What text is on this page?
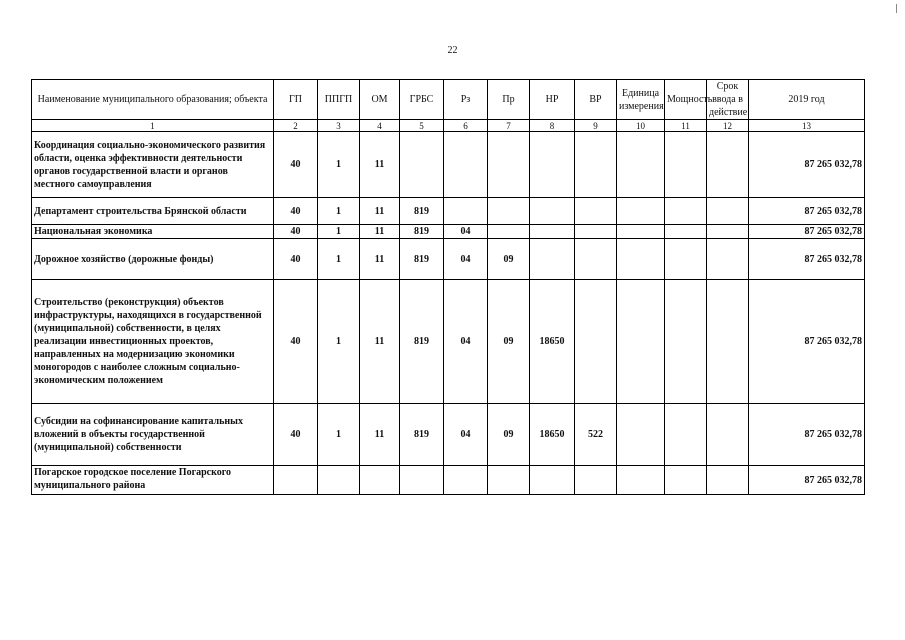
22
Наименование муниципального образования; объекта	ГП	ППГП	ОМ	ГРБС	Рз	Пр	НР	ВР	Единица измерения	Мощность	Срок ввода в действие	2019 год
1	2	3	4	5	6	7	8	9	10	11	12	13
Координация социально-экономического развития области, оценка эффективности деятельности органов государственной власти и органов местного самоуправления	40	1	11									87 265 032,78
Департамент строительства Брянской области	40	1	11	819								87 265 032,78
Национальная экономика	40	1	11	819	04							87 265 032,78
Дорожное хозяйство (дорожные фонды)	40	1	11	819	04	09						87 265 032,78
Строительство (реконструкция) объектов инфраструктуры, находящихся в государственной (муниципальной) собственности, в целях реализации инвестиционных проектов, направленных на модернизацию экономики моногородов с наиболее сложным социально-экономическим положением	40	1	11	819	04	09	18650					87 265 032,78
Субсидии на софинансирование капитальных вложений в объекты государственной (муниципальной) собственности	40	1	11	819	04	09	18650	522				87 265 032,78
Погарское городское поселение Погарского муниципального района												87 265 032,78
